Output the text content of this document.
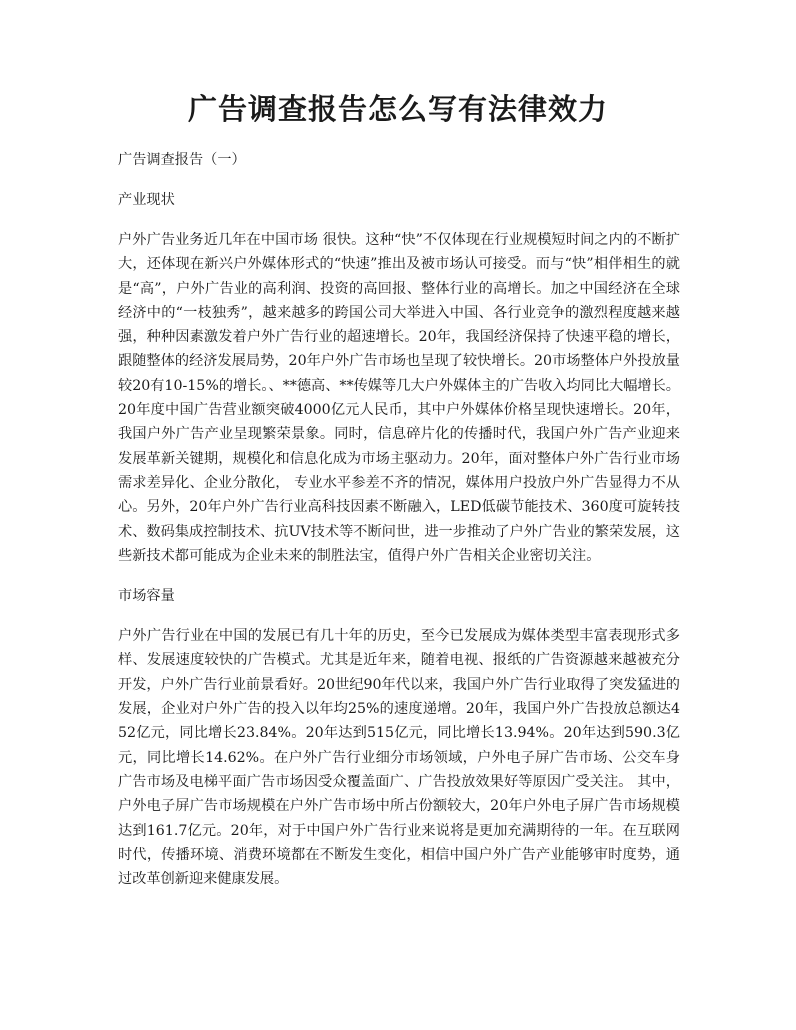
广告调查报告怎么写有法律效力

广告调查报告（一）

产业现状

户外广告业务近几年在中国市场 很快。这种“快”不仅体现在行业规模短时间之内的不断扩大，还体现在新兴户外媒体形式的“快速”推出及被市场认可接受。而与“快”相伴相生的就是“高”，户外广告业的高利润、投资的高回报、整体行业的高增长。加之中国经济在全球经济中的“一枝独秀”，越来越多的跨国公司大举进入中国、各行业竞争的激烈程度越来越强，种种因素激发着户外广告行业的超速增长。20年，我国经济保持了快速平稳的增长，跟随整体的经济发展局势，20年户外广告市场也呈现了较快增长。20市场整体户外投放量较20有10-15%的增长。、**德高、**传媒等几大户外媒体主的广告收入均同比大幅增长。20年度中国广告营业额突破4000亿元人民币，其中户外媒体价格呈现快速增长。20年，我国户外广告产业呈现繁荣景象。同时，信息碎片化的传播时代，我国户外广告产业迎来发展革新关键期，规模化和信息化成为市场主驱动力。20年，面对整体户外广告行业市场需求差异化、企业分散化， 专业水平参差不齐的情况，媒体用户投放户外广告显得力不从心。另外，20年户外广告行业高科技因素不断融入，LED低碳节能技术、360度可旋转技术、数码集成控制技术、抗UV技术等不断问世，进一步推动了户外广告业的繁荣发展，这些新技术都可能成为企业未来的制胜法宝，值得户外广告相关企业密切关注。

市场容量

户外广告行业在中国的发展已有几十年的历史，至今已发展成为媒体类型丰富表现形式多样、发展速度较快的广告模式。尤其是近年来，随着电视、报纸的广告资源越来越被充分开发，户外广告行业前景看好。20世纪90年代以来，我国户外广告行业取得了突发猛进的发展，企业对户外广告的投入以年均25%的速度递增。20年，我国户外广告投放总额达452亿元，同比增长23.84%。20年达到515亿元，同比增长13.94%。20年达到590.3亿元，同比增长14.62%。在户外广告行业细分市场领域，户外电子屏广告市场、公交车身广告市场及电梯平面广告市场因受众覆盖面广、广告投放效果好等原因广受关注。 其中，户外电子屏广告市场规模在户外广告市场中所占份额较大，20年户外电子屏广告市场规模达到161.7亿元。20年，对于中国户外广告行业来说将是更加充满期待的一年。在互联网时代，传播环境、消费环境都在不断发生变化，相信中国户外广告产业能够审时度势，通过改革创新迎来健康发展。
